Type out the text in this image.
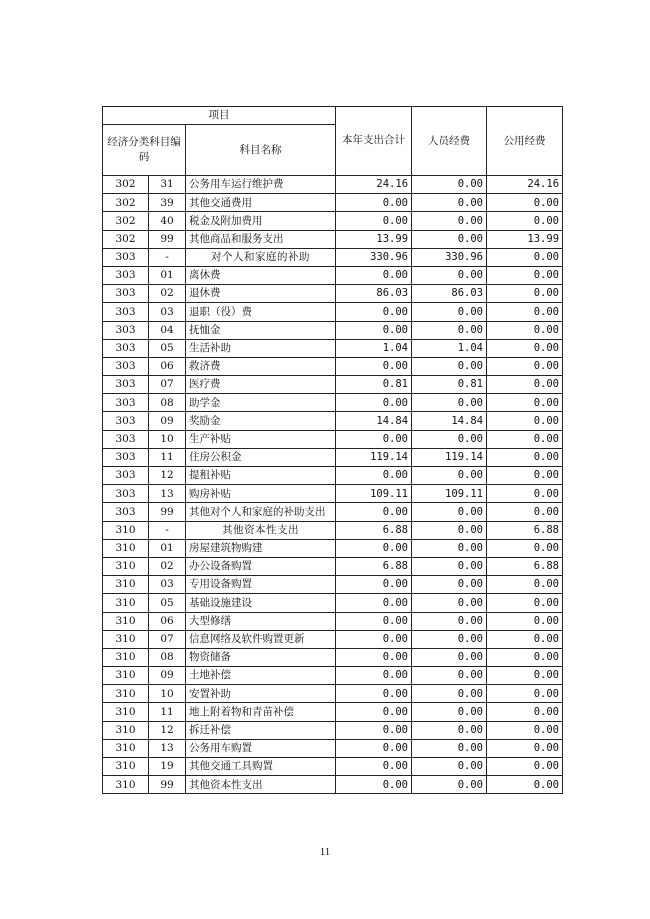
项目			本年支出合计	人员经费	公用经费
经济分类科目编码		科目名称			
302	31	公务用车运行维护费	24.16	0.00	24.16
302	39	其他交通费用	0.00	0.00	0.00
302	40	税金及附加费用	0.00	0.00	0.00
302	99	其他商品和服务支出	13.99	0.00	13.99
303	-	对个人和家庭的补助	330.96	330.96	0.00
303	01	离休费	0.00	0.00	0.00
303	02	退休费	86.03	86.03	0.00
303	03	退职（役）费	0.00	0.00	0.00
303	04	抚恤金	0.00	0.00	0.00
303	05	生活补助	1.04	1.04	0.00
303	06	救济费	0.00	0.00	0.00
303	07	医疗费	0.81	0.81	0.00
303	08	助学金	0.00	0.00	0.00
303	09	奖励金	14.84	14.84	0.00
303	10	生产补贴	0.00	0.00	0.00
303	11	住房公积金	119.14	119.14	0.00
303	12	提租补贴	0.00	0.00	0.00
303	13	购房补贴	109.11	109.11	0.00
303	99	其他对个人和家庭的补助支出	0.00	0.00	0.00
310	-	其他资本性支出	6.88	0.00	6.88
310	01	房屋建筑物购建	0.00	0.00	0.00
310	02	办公设备购置	6.88	0.00	6.88
310	03	专用设备购置	0.00	0.00	0.00
310	05	基础设施建设	0.00	0.00	0.00
310	06	大型修缮	0.00	0.00	0.00
310	07	信息网络及软件购置更新	0.00	0.00	0.00
310	08	物资储备	0.00	0.00	0.00
310	09	土地补偿	0.00	0.00	0.00
310	10	安置补助	0.00	0.00	0.00
310	11	地上附着物和青苗补偿	0.00	0.00	0.00
310	12	拆迁补偿	0.00	0.00	0.00
310	13	公务用车购置	0.00	0.00	0.00
310	19	其他交通工具购置	0.00	0.00	0.00
310	99	其他资本性支出	0.00	0.00	0.00
11
